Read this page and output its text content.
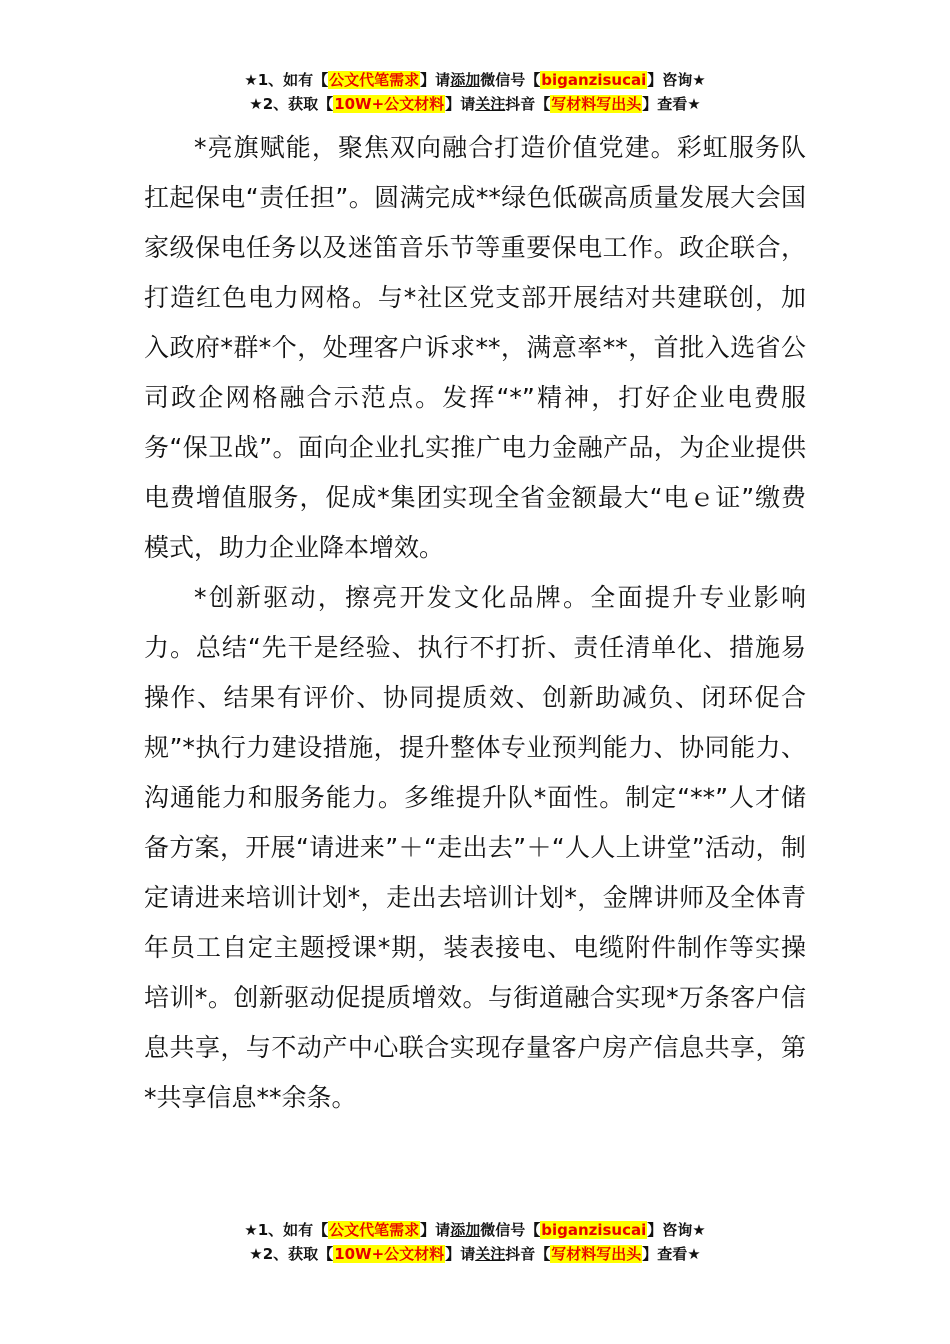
★1、如有【公文代笔需求】请添加微信号【biganzisucai】咨询★
★2、获取【10W+公文材料】请关注抖音【写材料写出头】查看★

*亮旗赋能，聚焦双向融合打造价值党建。彩虹服务队扛起保电“责任担”。圆满完成**绿色低碳高质量发展大会国家级保电任务以及迷笛音乐节等重要保电工作。政企联合，打造红色电力网格。与*社区党支部开展结对共建联创，加入政府*群*个，处理客户诉求**，满意率**，首批入选省公司政企网格融合示范点。发挥“*”精神，打好企业电费服务“保卫战”。面向企业扎实推广电力金融产品，为企业提供电费增值服务，促成*集团实现全省金额最大“电ｅ证”缴费模式，助力企业降本增效。

*创新驱动，擦亮开发文化品牌。全面提升专业影响力。总结“先干是经验、执行不打折、责任清单化、措施易操作、结果有评价、协同提质效、创新助减负、闭环促合规”*执行力建设措施，提升整体专业预判能力、协同能力、沟通能力和服务能力。多维提升队*面性。制定“**”人才储备方案，开展“请进来”＋“走出去”＋“人人上讲堂”活动，制定请进来培训计划*，走出去培训计划*，金牌讲师及全体青年员工自定主题授课*期，装表接电、电缆附件制作等实操培训*。创新驱动促提质增效。与街道融合实现*万条客户信息共享，与不动产中心联合实现存量客户房产信息共享，第*共享信息**余条。

★1、如有【公文代笔需求】请添加微信号【biganzisucai】咨询★
★2、获取【10W+公文材料】请关注抖音【写材料写出头】查看★
